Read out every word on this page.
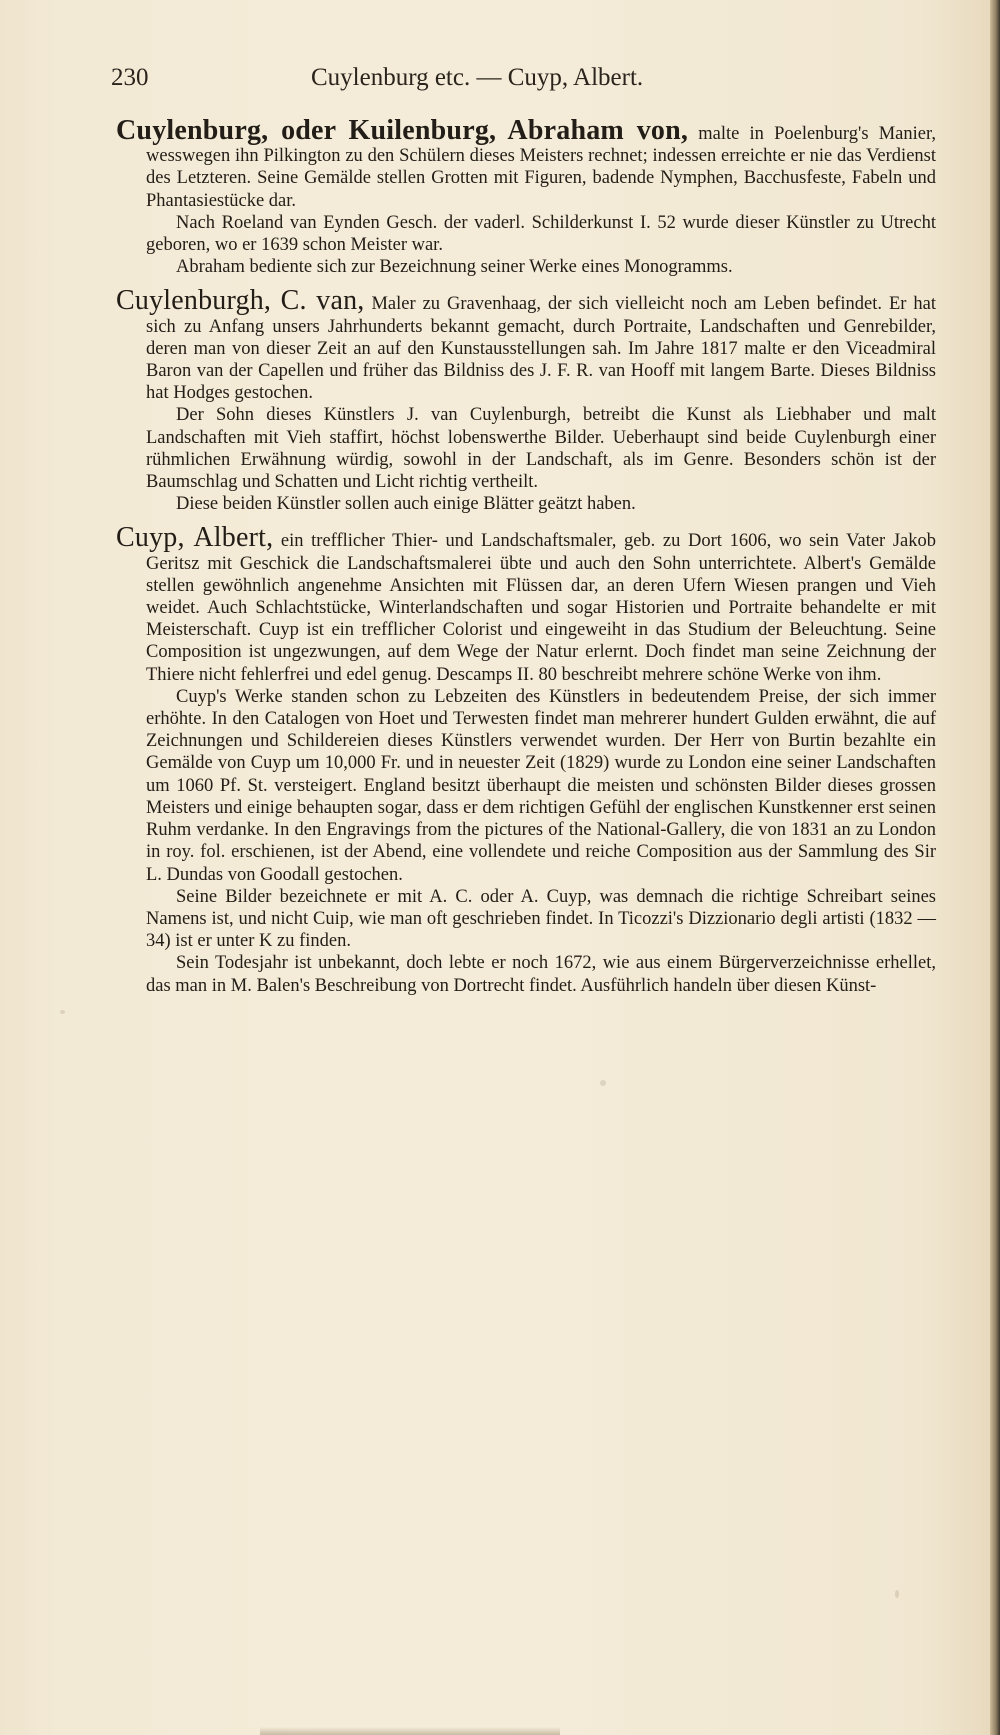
230	Cuylenburg etc. — Cuyp, Albert.

Cuylenburg, oder Kuilenburg, Abraham von, malte in Poelenburg's Manier, wesswegen ihn Pilkington zu den Schülern dieses Meisters rechnet; indessen erreichte er nie das Verdienst des Letzteren. Seine Gemälde stellen Grotten mit Figuren, badende Nymphen, Bacchusfeste, Fabeln und Phantasiestücke dar.

Nach Roeland van Eynden Gesch. der vaderl. Schilderkunst I. 52 wurde dieser Künstler zu Utrecht geboren, wo er 1639 schon Meister war.

Abraham bediente sich zur Bezeichnung seiner Werke eines Monogramms.

Cuylenburgh, C. van, Maler zu Gravenhaag, der sich vielleicht noch am Leben befindet. Er hat sich zu Anfang unsers Jahrhunderts bekannt gemacht, durch Portraite, Landschaften und Genrebilder, deren man von dieser Zeit an auf den Kunstausstellungen sah. Im Jahre 1817 malte er den Viceadmiral Baron van der Capellen und früher das Bildniss des J. F. R. van Hooff mit langem Barte. Dieses Bildniss hat Hodges gestochen.

Der Sohn dieses Künstlers J. van Cuylenburgh, betreibt die Kunst als Liebhaber und malt Landschaften mit Vieh staffirt, höchst lobenswerthe Bilder. Ueberhaupt sind beide Cuylenburgh einer rühmlichen Erwähnung würdig, sowohl in der Landschaft, als im Genre. Besonders schön ist der Baumschlag und Schatten und Licht richtig vertheilt.

Diese beiden Künstler sollen auch einige Blätter geätzt haben.

Cuyp, Albert, ein trefflicher Thier- und Landschaftsmaler, geb. zu Dort 1606, wo sein Vater Jakob Geritsz mit Geschick die Landschaftsmalerei übte und auch den Sohn unterrichtete. Albert's Gemälde stellen gewöhnlich angenehme Ansichten mit Flüssen dar, an deren Ufern Wiesen prangen und Vieh weidet. Auch Schlachtstücke, Winterlandschaften und sogar Historien und Portraite behandelte er mit Meisterschaft. Cuyp ist ein trefflicher Colorist und eingeweiht in das Studium der Beleuchtung. Seine Composition ist ungezwungen, auf dem Wege der Natur erlernt. Doch findet man seine Zeichnung der Thiere nicht fehlerfrei und edel genug. Descamps II. 80 beschreibt mehrere schöne Werke von ihm.

Cuyp's Werke standen schon zu Lebzeiten des Künstlers in bedeutendem Preise, der sich immer erhöhte. In den Catalogen von Hoet und Terwesten findet man mehrerer hundert Gulden erwähnt, die auf Zeichnungen und Schildereien dieses Künstlers verwendet wurden. Der Herr von Burtin bezahlte ein Gemälde von Cuyp um 10,000 Fr. und in neuester Zeit (1829) wurde zu London eine seiner Landschaften um 1060 Pf. St. versteigert. England besitzt überhaupt die meisten und schönsten Bilder dieses grossen Meisters und einige behaupten sogar, dass er dem richtigen Gefühl der englischen Kunstkenner erst seinen Ruhm verdanke. In den Engravings from the pictures of the National-Gallery, die von 1831 an zu London in roy. fol. erschienen, ist der Abend, eine vollendete und reiche Composition aus der Sammlung des Sir L. Dundas von Goodall gestochen.

Seine Bilder bezeichnete er mit A. C. oder A. Cuyp, was demnach die richtige Schreibart seines Namens ist, und nicht Cuip, wie man oft geschrieben findet. In Ticozzi's Dizzionario degli artisti (1832 — 34) ist er unter K zu finden.

Sein Todesjahr ist unbekannt, doch lebte er noch 1672, wie aus einem Bürgerverzeichnisse erhellet, das man in M. Balen's Beschreibung von Dortrecht findet. Ausführlich handeln über diesen Künst-
